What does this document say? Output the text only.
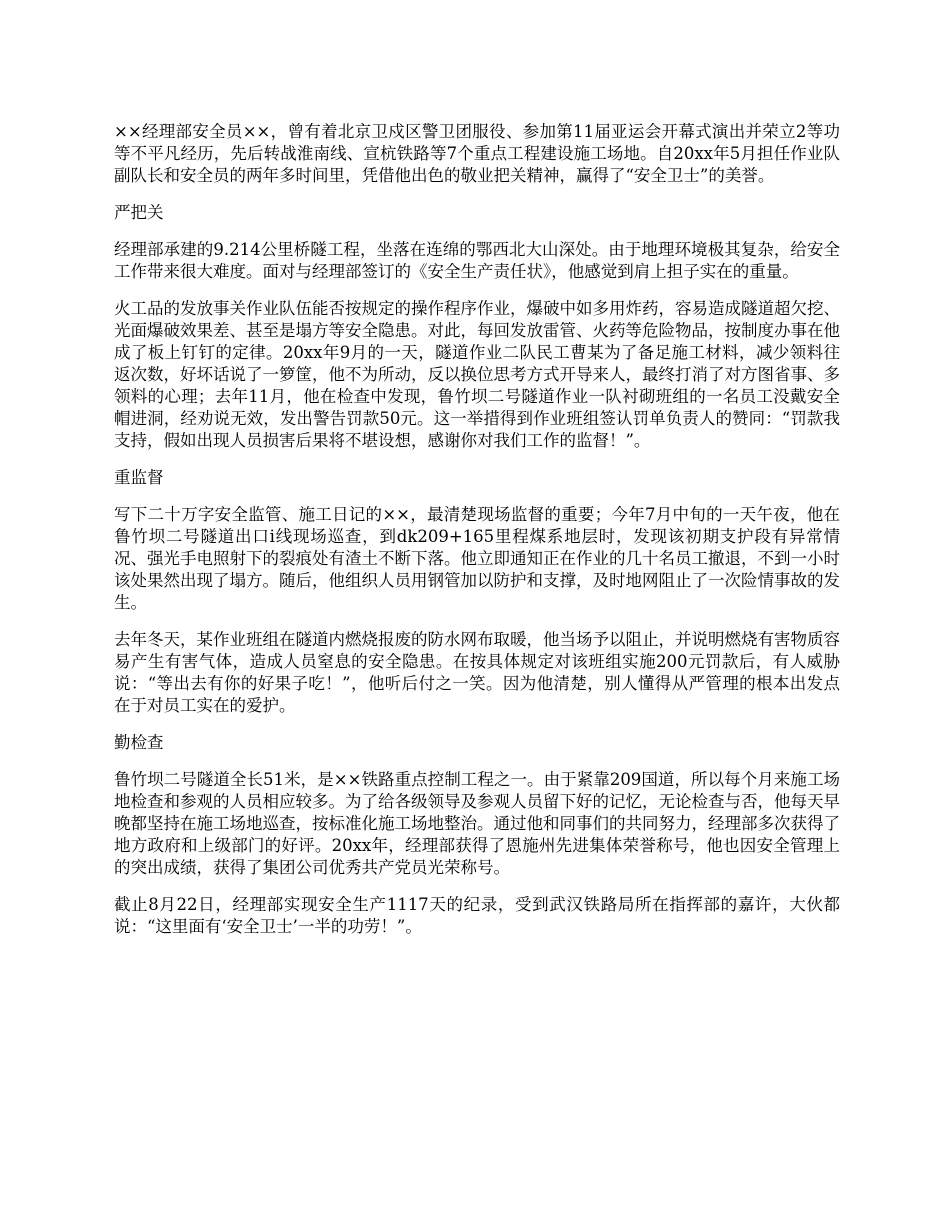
××经理部安全员××，曾有着北京卫戍区警卫团服役、参加第11届亚运会开幕式演出并荣立2等功等不平凡经历，先后转战淮南线、宣杭铁路等7个重点工程建设施工场地。自20xx年5月担任作业队副队长和安全员的两年多时间里，凭借他出色的敬业把关精神，赢得了“安全卫士”的美誉。

严把关

经理部承建的9.214公里桥隧工程，坐落在连绵的鄂西北大山深处。由于地理环境极其复杂，给安全工作带来很大难度。面对与经理部签订的《安全生产责任状》，他感觉到肩上担子实在的重量。

火工品的发放事关作业队伍能否按规定的操作程序作业，爆破中如多用炸药，容易造成隧道超欠挖、光面爆破效果差、甚至是塌方等安全隐患。对此，每回发放雷管、火药等危险物品，按制度办事在他成了板上钉钉的定律。20xx年9月的一天，隧道作业二队民工曹某为了备足施工材料，减少领料往返次数，好坏话说了一箩筐，他不为所动，反以换位思考方式开导来人，最终打消了对方图省事、多领料的心理；去年11月，他在检查中发现，鲁竹坝二号隧道作业一队衬砌班组的一名员工没戴安全帽进洞，经劝说无效，发出警告罚款50元。这一举措得到作业班组签认罚单负责人的赞同：“罚款我支持，假如出现人员损害后果将不堪设想，感谢你对我们工作的监督！”。

重监督

写下二十万字安全监管、施工日记的××，最清楚现场监督的重要；今年7月中旬的一天午夜，他在鲁竹坝二号隧道出口ⅰ线现场巡查，到dk209+165里程煤系地层时，发现该初期支护段有异常情况、强光手电照射下的裂痕处有渣土不断下落。他立即通知正在作业的几十名员工撤退，不到一小时该处果然出现了塌方。随后，他组织人员用钢管加以防护和支撑，及时地网阻止了一次险情事故的发生。

去年冬天，某作业班组在隧道内燃烧报废的防水网布取暖，他当场予以阻止，并说明燃烧有害物质容易产生有害气体，造成人员窒息的安全隐患。在按具体规定对该班组实施200元罚款后，有人威胁说：“等出去有你的好果子吃！”，他听后付之一笑。因为他清楚，别人懂得从严管理的根本出发点在于对员工实在的爱护。

勤检查

鲁竹坝二号隧道全长51米，是××铁路重点控制工程之一。由于紧靠209国道，所以每个月来施工场地检查和参观的人员相应较多。为了给各级领导及参观人员留下好的记忆，无论检查与否，他每天早晚都坚持在施工场地巡查，按标准化施工场地整治。通过他和同事们的共同努力，经理部多次获得了地方政府和上级部门的好评。20xx年，经理部获得了恩施州先进集体荣誉称号，他也因安全管理上的突出成绩，获得了集团公司优秀共产党员光荣称号。

截止8月22日，经理部实现安全生产1117天的纪录，受到武汉铁路局所在指挥部的嘉许，大伙都说：“这里面有‘安全卫士’一半的功劳！”。
